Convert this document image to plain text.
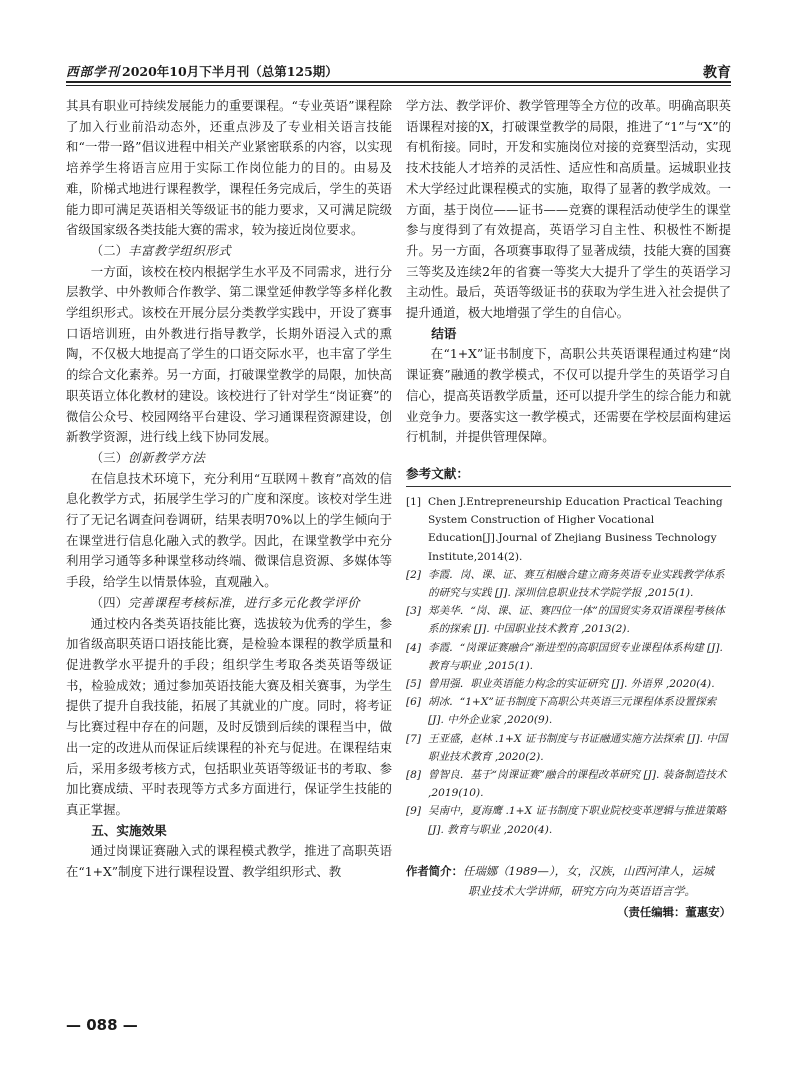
西部学刊 2020年10月下半月刊（总第125期）	教育

其具有职业可持续发展能力的重要课程。“专业英语”课程除了加入行业前沿动态外，还重点涉及了专业相关语言技能和“一带一路”倡议进程中相关产业紧密联系的内容，以实现培养学生将语言应用于实际工作岗位能力的目的。由易及难，阶梯式地进行课程教学，课程任务完成后，学生的英语能力即可满足英语相关等级证书的能力要求，又可满足院级省级国家级各类技能大赛的需求，较为接近岗位要求。

（二）丰富教学组织形式

一方面，该校在校内根据学生水平及不同需求，进行分层教学、中外教师合作教学、第二课堂延伸教学等多样化教学组织形式。该校在开展分层分类教学实践中，开设了赛事口语培训班，由外教进行指导教学，长期外语浸入式的熏陶，不仅极大地提高了学生的口语交际水平，也丰富了学生的综合文化素养。另一方面，打破课堂教学的局限，加快高职英语立体化教材的建设。该校进行了针对学生“岗证赛”的微信公众号、校园网络平台建设、学习通课程资源建设，创新教学资源，进行线上线下协同发展。

（三）创新教学方法

在信息技术环境下，充分利用“互联网＋教育”高效的信息化教学方式，拓展学生学习的广度和深度。该校对学生进行了无记名调查问卷调研，结果表明70%以上的学生倾向于在课堂进行信息化融入式的教学。因此，在课堂教学中充分利用学习通等多种课堂移动终端、微课信息资源、多媒体等手段，给学生以情景体验，直观融入。

（四）完善课程考核标准，进行多元化教学评价

通过校内各类英语技能比赛，选拔较为优秀的学生，参加省级高职英语口语技能比赛，是检验本课程的教学质量和促进教学水平提升的手段；组织学生考取各类英语等级证书，检验成效；通过参加英语技能大赛及相关赛事，为学生提供了提升自我技能，拓展了其就业的广度。同时，将考证与比赛过程中存在的问题，及时反馈到后续的课程当中，做出一定的改进从而保证后续课程的补充与促进。在课程结束后，采用多级考核方式，包括职业英语等级证书的考取、参加比赛成绩、平时表现等方式多方面进行，保证学生技能的真正掌握。

五、实施效果

通过岗课证赛融入式的课程模式教学，推进了高职英语在“1+X”制度下进行课程设置、教学组织形式、教

学方法、教学评价、教学管理等全方位的改革。明确高职英语课程对接的X，打破课堂教学的局限，推进了“1”与“X”的有机衔接。同时，开发和实施岗位对接的竞赛型活动，实现技术技能人才培养的灵活性、适应性和高质量。运城职业技术大学经过此课程模式的实施，取得了显著的教学成效。一方面，基于岗位——证书——竞赛的课程活动使学生的课堂参与度得到了有效提高，英语学习自主性、积极性不断提升。另一方面，各项赛事取得了显著成绩，技能大赛的国赛三等奖及连续2年的省赛一等奖大大提升了学生的英语学习主动性。最后，英语等级证书的获取为学生进入社会提供了提升通道，极大地增强了学生的自信心。

结语

在“1+X”证书制度下，高职公共英语课程通过构建“岗课证赛”融通的教学模式，不仅可以提升学生的英语学习自信心，提高英语教学质量，还可以提升学生的综合能力和就业竞争力。要落实这一教学模式，还需要在学校层面构建运行机制，并提供管理保障。

参考文献：
[1] Chen J.Entrepreneurship Education Practical Teaching System Construction of Higher Vocational Education[J].Journal of Zhejiang Business Technology Institute,2014(2).
[2] 李霞．岗、课、证、赛互相融合建立商务英语专业实践教学体系的研究与实践 [J]. 深圳信息职业技术学院学报 ,2015(1).
[3] 郑美华．“岗、课、证、赛四位一体”的国贸实务双语课程考核体系的探索 [J]. 中国职业技术教育 ,2013(2).
[4] 李霞．“岗课证赛融合”渐进型的高职国贸专业课程体系构建 [J]. 教育与职业 ,2015(1).
[5] 曾用强．职业英语能力构念的实证研究 [J]. 外语界 ,2020(4).
[6] 胡冰．“1+X”证书制度下高职公共英语三元课程体系设置探索 [J]. 中外企业家 ,2020(9).
[7] 王亚盛，赵林 .1+X 证书制度与书证融通实施方法探索 [J]. 中国职业技术教育 ,2020(2).
[8] 曾智良．基于“岗课证赛”融合的课程改革研究 [J]. 装备制造技术 ,2019(10).
[9] 吴南中，夏海鹰 .1+X 证书制度下职业院校变革逻辑与推进策略 [J]. 教育与职业 ,2020(4).
作者简介：任瑞娜（1989—），女，汉族，山西河津人，运城
职业技术大学讲师，研究方向为英语语言学。
（责任编辑：董惠安）
— 088 —
